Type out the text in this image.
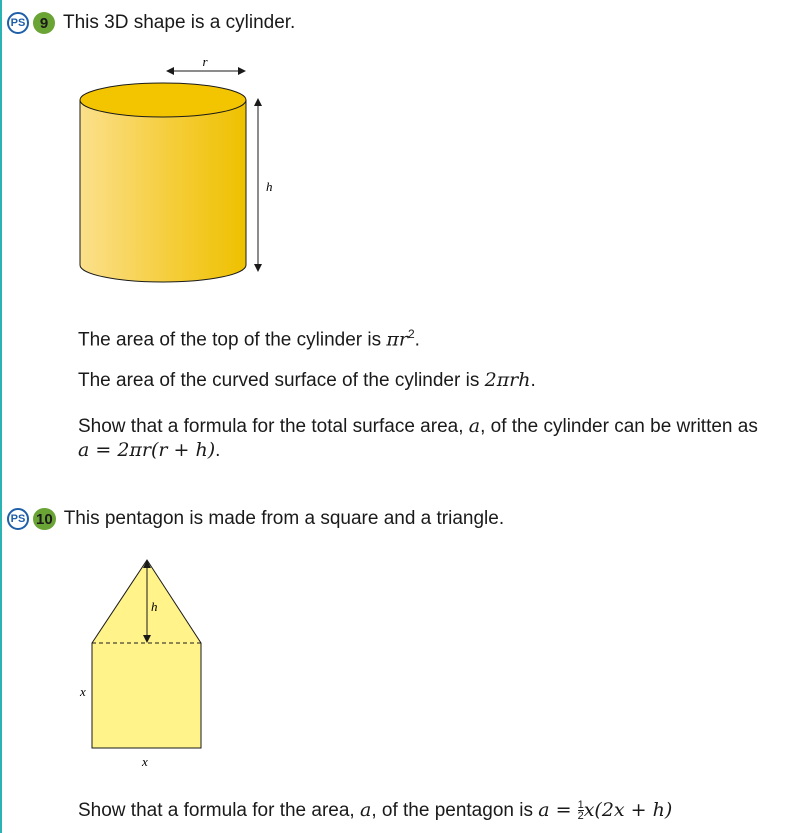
PS 9 This 3D shape is a cylinder.
r
h
The area of the top of the cylinder is $\pi r^2$.
The area of the curved surface of the cylinder is 2πrh.
Show that a formula for the total surface area, a, of the cylinder can be written as
a = 2πr(r + h).
PS 10 This pentagon is made from a square and a triangle.
h
x
x
Show that a formula for the area, a, of the pentagon is $a = \frac{1}{2} x(2x + h)$
